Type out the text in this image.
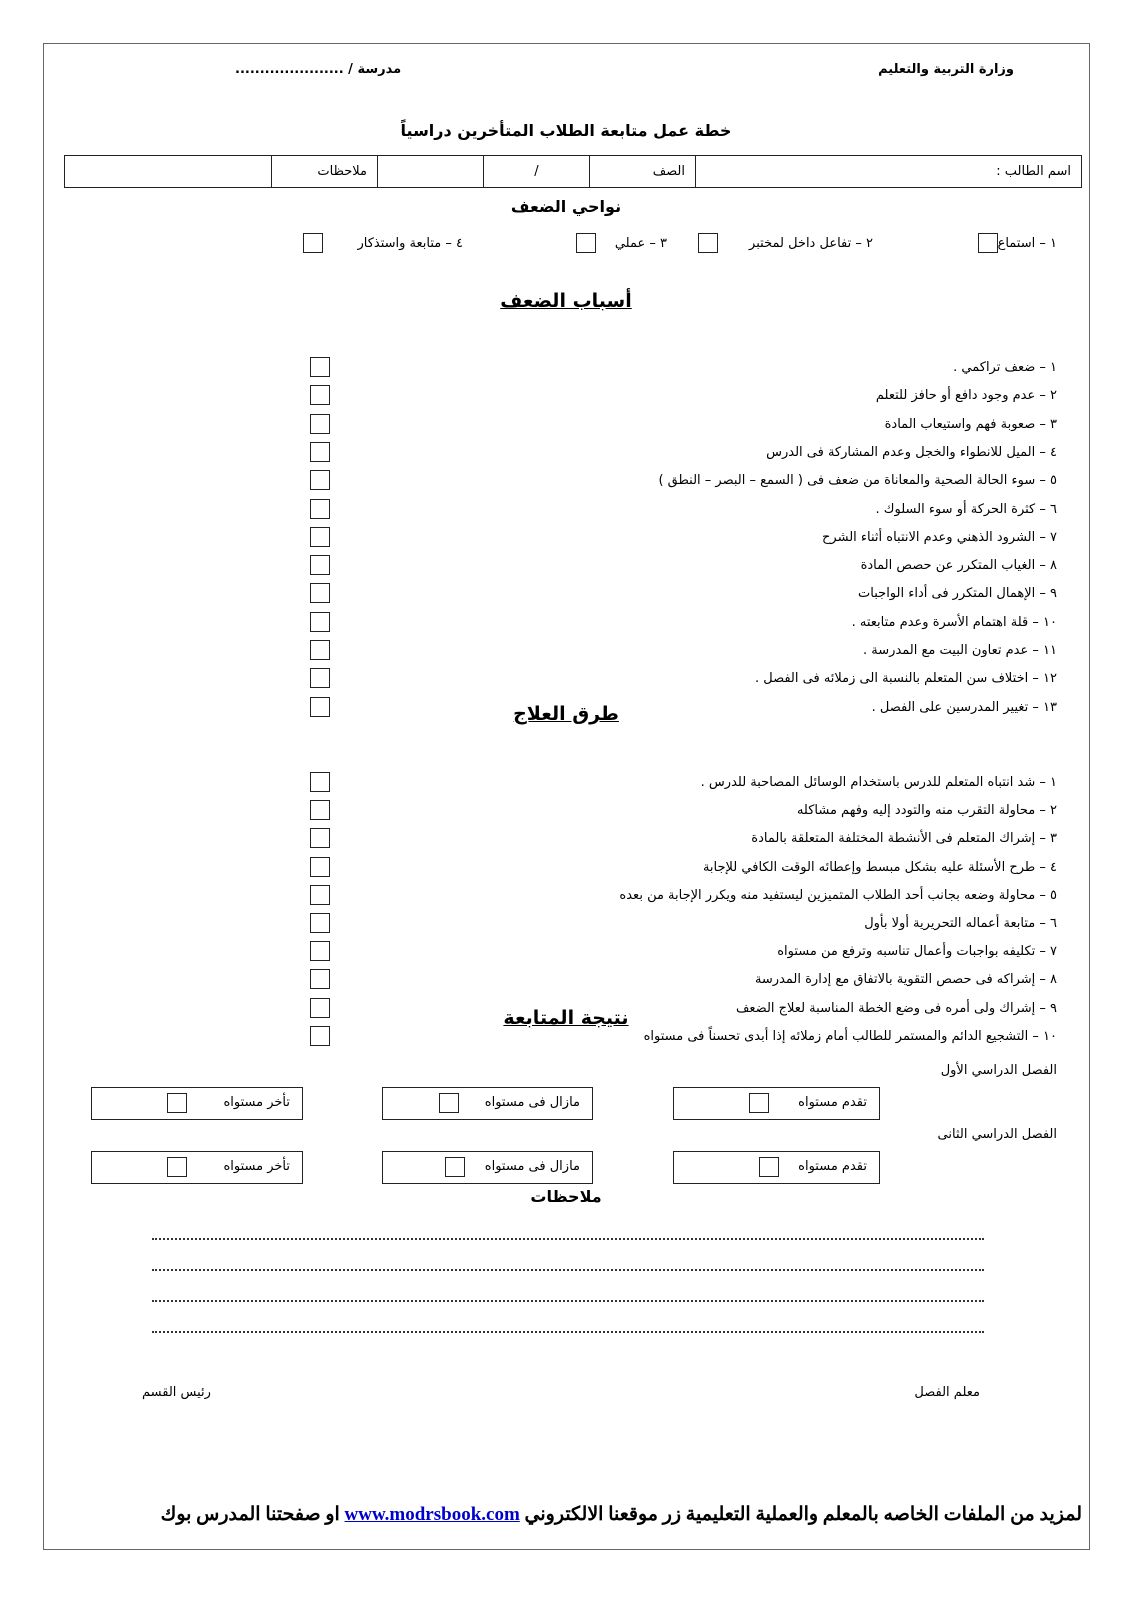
وزارة التربية والتعليم
مدرسة / ......................
خطة عمل متابعة الطلاب المتأخرين دراسياً
اسم الطالب :	الصف	/		ملاحظات	
نواحي الضعف
١ – استماع
٢ – تفاعل داخل لمختبر
٣ – عملي
٤ – متابعة واستذكار
أسباب الضعف
١ – ضعف تراكمي .
٢ – عدم وجود دافع أو حافز للتعلم
٣ – صعوبة فهم واستيعاب المادة
٤ – الميل للانطواء والخجل وعدم المشاركة فى الدرس
٥ – سوء الحالة الصحية والمعاناة من ضعف فى ( السمع – البصر – النطق )
٦ – كثرة الحركة أو سوء السلوك .
٧ – الشرود الذهني وعدم الانتباه أثناء الشرح
٨ – الغياب المتكرر عن حصص المادة
٩ – الإهمال المتكرر فى أداء الواجبات
١٠ – قلة اهتمام الأسرة وعدم متابعته .
١١ – عدم تعاون البيت مع المدرسة .
١٢ – اختلاف سن المتعلم بالنسبة الى زملائه فى الفصل .
١٣ – تغيير المدرسين على الفصل .
طرق العلاج
١ – شد انتباه المتعلم للدرس باستخدام الوسائل المصاحبة للدرس .
٢ – محاولة التقرب منه والتودد إليه وفهم مشاكله
٣ – إشراك المتعلم فى الأنشطة المختلفة المتعلقة بالمادة
٤ – طرح الأسئلة عليه بشكل مبسط وإعطائه الوقت الكافي للإجابة
٥ – محاولة وضعه بجانب أحد الطلاب المتميزين ليستفيد منه ويكرر الإجابة من بعده
٦ – متابعة أعماله التحريرية أولا بأول
٧ – تكليفه بواجبات وأعمال تناسبه وترفع من مستواه
٨ – إشراكه فى حصص التقوية بالاتفاق مع إدارة المدرسة
٩ – إشراك ولى أمره فى وضع الخطة المناسبة لعلاج الضعف
١٠ – التشجيع الدائم والمستمر للطالب أمام زملائه إذا أبدى تحسناً فى مستواه
نتيجة المتابعة
الفصل الدراسي الأول
الفصل الدراسي الثانى
تقدم مستواه
مازال فى مستواه
تأخر مستواه
تقدم مستواه
مازال فى مستواه
تأخر مستواه
ملاحظات
معلم الفصل
رئيس القسم
لمزيد من الملفات الخاصه بالمعلم والعملية التعليمية زر موقعنا الالكتروني www.modrsbook.com او صفحتنا المدرس بوك
